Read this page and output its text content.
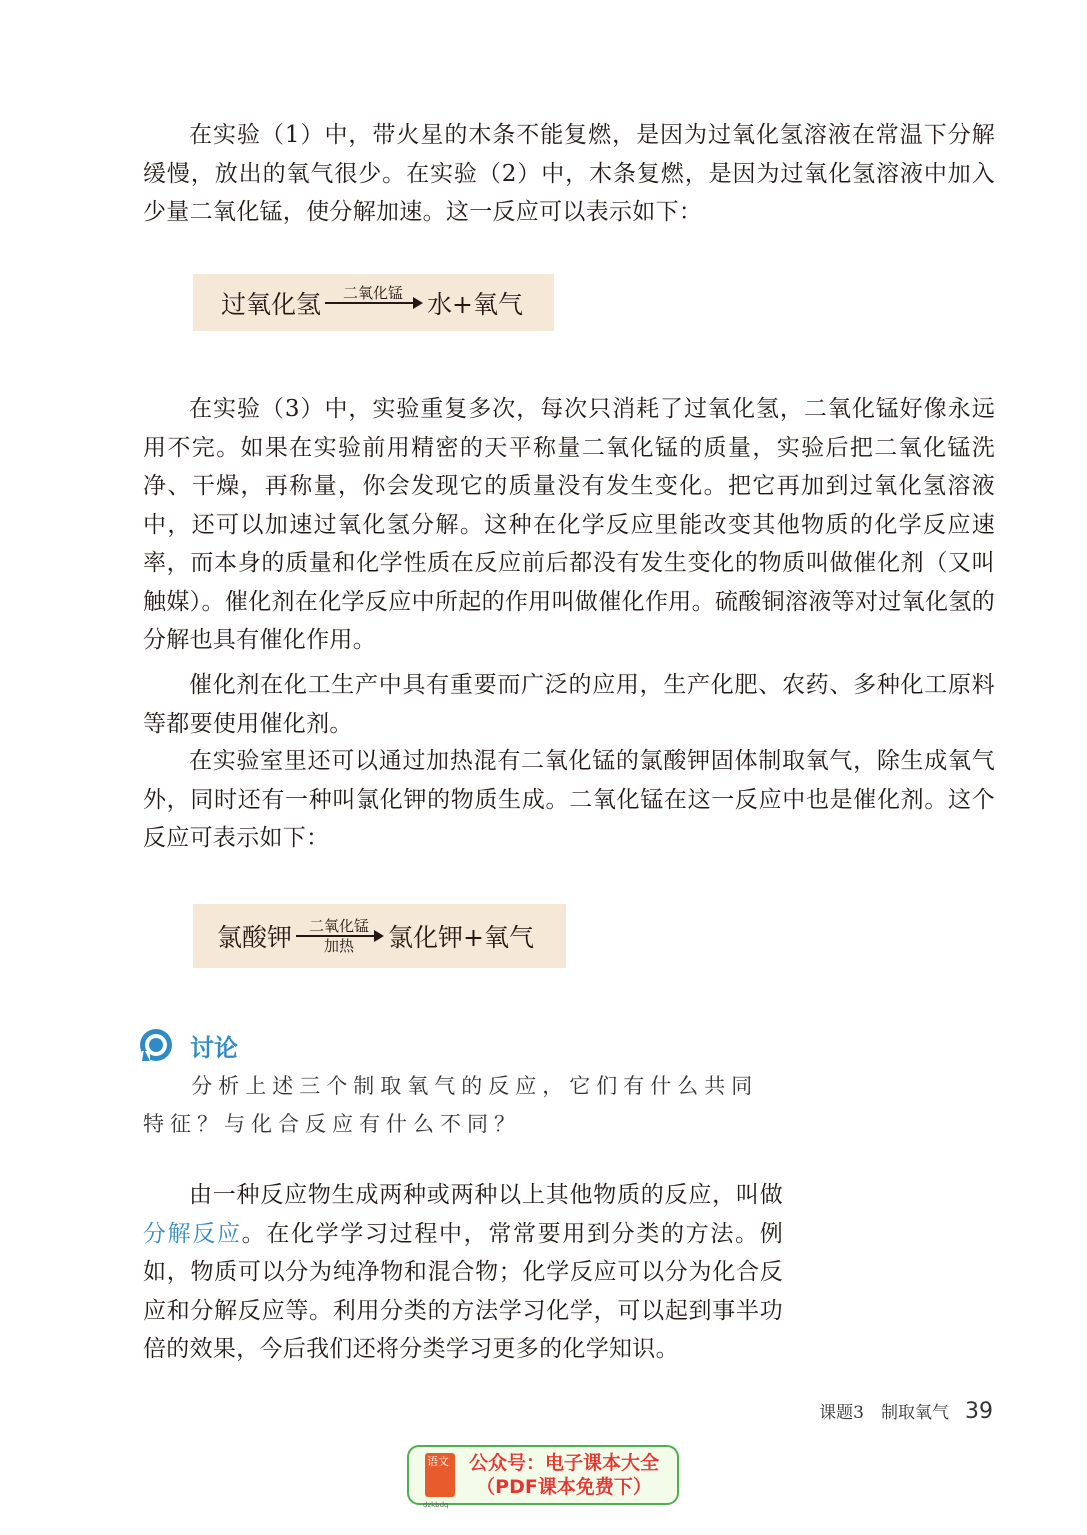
在实验（1）中，带火星的木条不能复燃，是因为过氧化氢溶液在常温下分解缓慢，放出的氧气很少。在实验（2）中，木条复燃，是因为过氧化氢溶液中加入少量二氧化锰，使分解加速。这一反应可以表示如下：

过氧化氢 二氧化锰 水+氧气

在实验（3）中，实验重复多次，每次只消耗了过氧化氢，二氧化锰好像永远用不完。如果在实验前用精密的天平称量二氧化锰的质量，实验后把二氧化锰洗净、干燥，再称量，你会发现它的质量没有发生变化。把它再加到过氧化氢溶液中，还可以加速过氧化氢分解。这种在化学反应里能改变其他物质的化学反应速率，而本身的质量和化学性质在反应前后都没有发生变化的物质叫做催化剂（又叫触媒）。催化剂在化学反应中所起的作用叫做催化作用。硫酸铜溶液等对过氧化氢的分解也具有催化作用。

催化剂在化工生产中具有重要而广泛的应用，生产化肥、农药、多种化工原料等都要使用催化剂。

在实验室里还可以通过加热混有二氧化锰的氯酸钾固体制取氧气，除生成氧气外，同时还有一种叫氯化钾的物质生成。二氧化锰在这一反应中也是催化剂。这个反应可表示如下：

氯酸钾 二氧化锰
加热 氯化钾+氧气
讨论

分析上述三个制取氧气的反应，它们有什么共同特征？与化合反应有什么不同？

由一种反应物生成两种或两种以上其他物质的反应，叫做分解反应。在化学学习过程中，常常要用到分类的方法。例如，物质可以分为纯净物和混合物；化学反应可以分为化合反应和分解反应等。利用分类的方法学习化学，可以起到事半功倍的效果，今后我们还将分类学习更多的化学知识。

课题3　制取氧气 39
语文
dzkbdq
公众号：电子课本大全
（PDF课本免费下）
